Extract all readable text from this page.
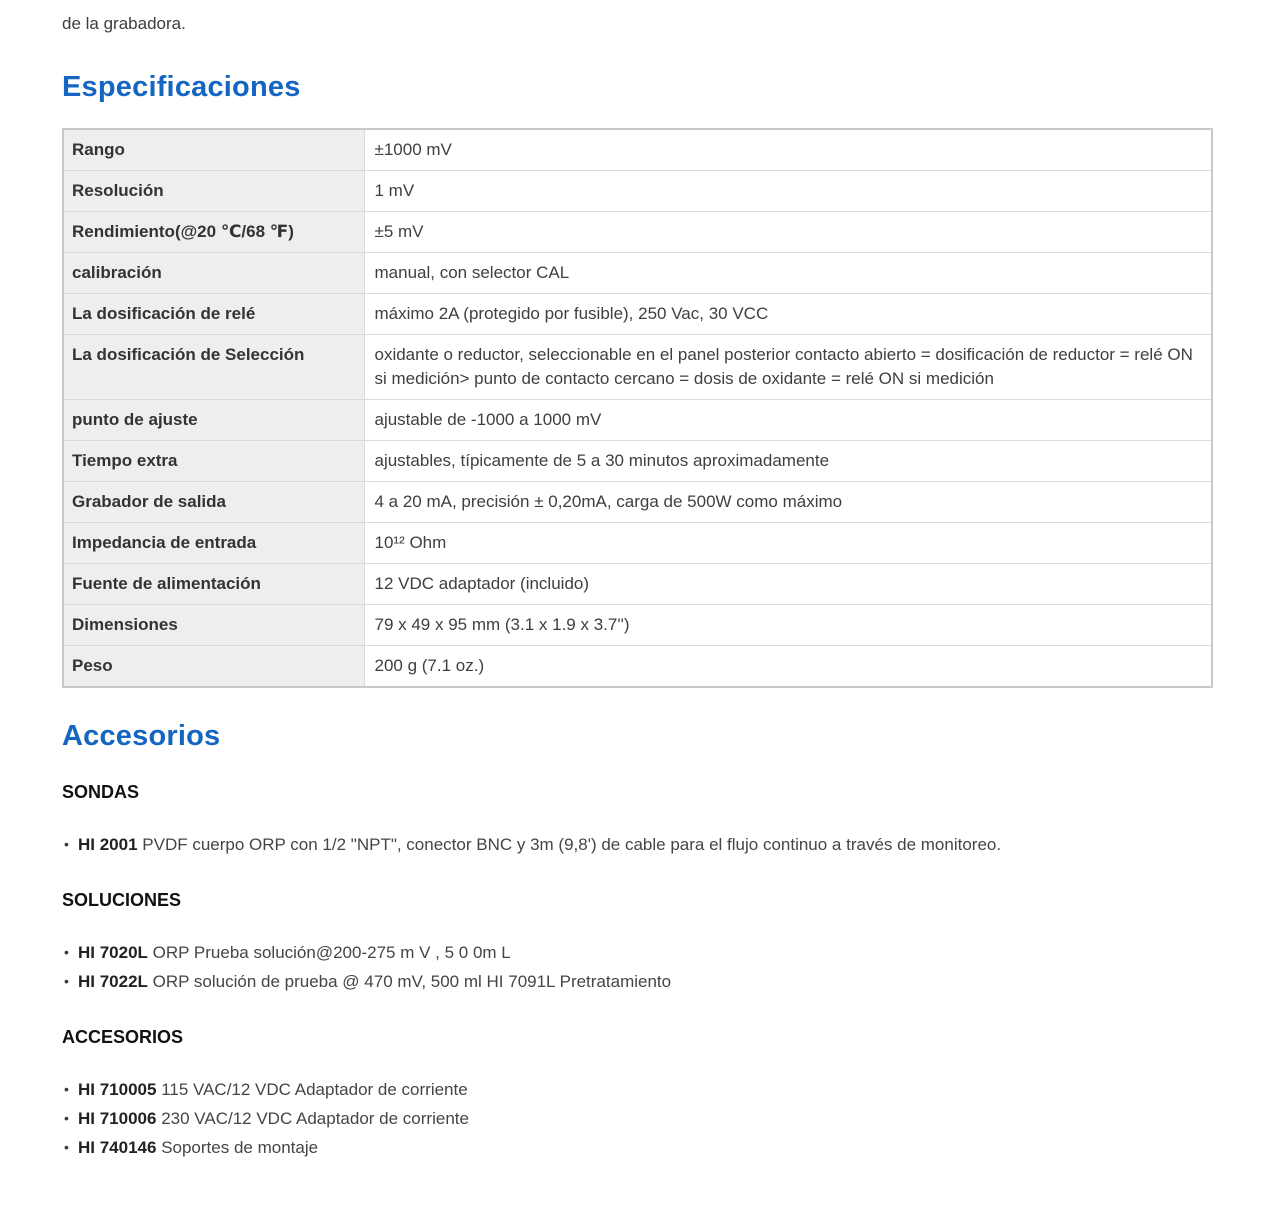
de la grabadora.

Especificaciones
Rango	±1000 mV
Resolución	1 mV
Rendimiento(@20 ℃/68 ℉)	±5 mV
calibración	manual, con selector CAL
La dosificación de relé	máximo 2A (protegido por fusible), 250 Vac, 30 VCC
La dosificación de Selección	oxidante o reductor, seleccionable en el panel posterior contacto abierto = dosificación de reductor = relé ON si medición> punto de contacto cercano = dosis de oxidante = relé ON si medición
punto de ajuste	ajustable de -1000 a 1000 mV
Tiempo extra	ajustables, típicamente de 5 a 30 minutos aproximadamente
Grabador de salida	4 a 20 mA, precisión ± 0,20mA, carga de 500W como máximo
Impedancia de entrada	10¹² Ohm
Fuente de alimentación	12 VDC adaptador (incluido)
Dimensiones	79 x 49 x 95 mm (3.1 x 1.9 x 3.7'')
Peso	200 g (7.1 oz.)
Accesorios

SONDAS

• HI 2001 PVDF cuerpo ORP con 1/2 "NPT", conector BNC y 3m (9,8') de cable para el flujo continuo a través de monitoreo.

SOLUCIONES

• HI 7020L ORP Prueba solución@200-275 m V , 5 0 0m L
• HI 7022L ORP solución de prueba @ 470 mV, 500 ml HI 7091L Pretratamiento

ACCESORIOS

• HI 710005 115 VAC/12 VDC Adaptador de corriente
• HI 710006 230 VAC/12 VDC Adaptador de corriente
• HI 740146 Soportes de montaje
